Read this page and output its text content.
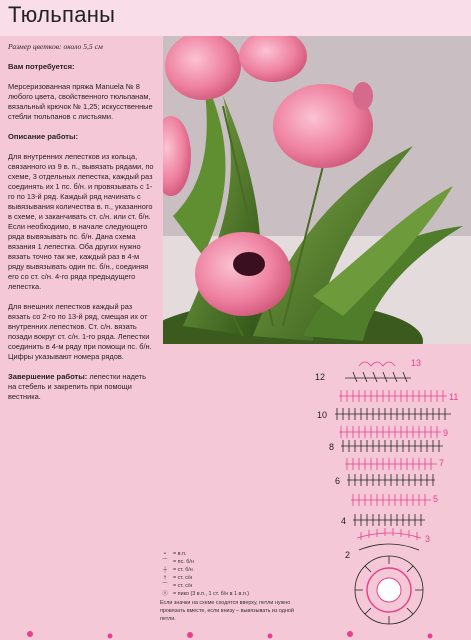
Тюльпаны

Размер цветков: около 5,5 см

Вам потребуется:

Мерсеризованная пряжа Manuela № 8 любого цвета, свойственного тюльпанам, вязальный крючок № 1,25; искусственные стебли тюльпанов с листьями.

Описание работы:

Для внутренних лепестков из кольца, связанного из 9 в. п., вывязать рядами, по схеме, 3 отдельных лепестка, каждый раз соединять их 1 пс. б/н. и провязывать с 1-го по 13-й ряд. Каждый ряд начинать с вывязывания количества в. п., указанного в схеме, и заканчивать ст. с/н. или ст. б/н. Если необходимо, в начале следующего ряда вывязывать пс. б/н. Дана схема вязания 1 лепестка. Оба других нужно вязать точно так же, каждый раз в 4-м ряду вывязывать один пс. б/н., соединяя его со ст. с/н. 4-го ряда предыдущего лепестка.

Для внешних лепестков каждый раз вязать со 2-го по 13-й ряд, смещая их от внутренних лепестков. Ст. с/н. вязать позади вокруг ст. с/н. 1-го ряда. Лепестки соединить в 4-м ряду при помощи пс. б/н. Цифры указывают номера рядов.

Завершение работы: лепестки надеть на стебель и закрепить при помощи вестника.

•	= в.п.
⌒ = пс. б/н
┼	= ст. б/н
†	= ст. с/н
⌒ = ст. с/н
ⓞ = пико (3 в.п., 1 ст. б/н в 1 в.п.)
Если значки на схеме сходятся вверху, петли нужно провязать вместе, если внизу – вывязывать из одной петли.
13
12
11
10
9
8
7
6
5
4
3
2
